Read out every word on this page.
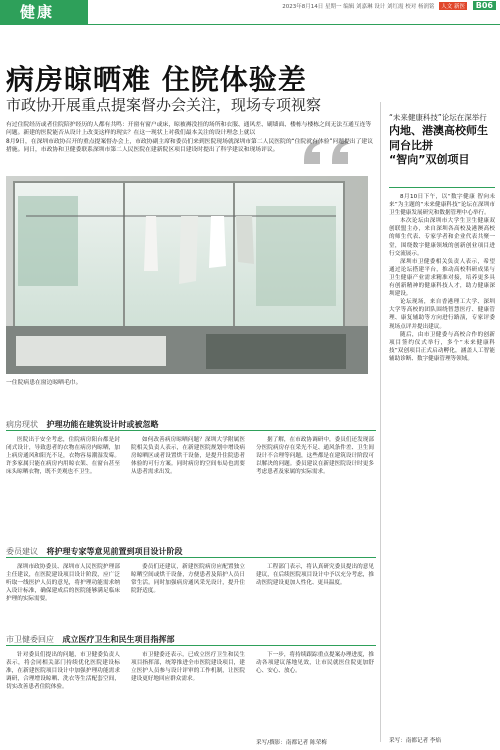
健康	2023年8月14日 星期一 编辑 刘嘉琳 设计 刘红霞 校对 杨润铭 人文 新医 B06
病房晾晒难 住院体验差
市政协开展重点提案督办会关注，现场专项视察

有过住院经历或者住院陪护经历的人都有共鸣：开窗有窗户或床，晾被褥没挂的场所和衣服、通风差、刷墙面、楼栋与楼栋之间无法互通互连等问题。新建的医院能否从设计上改变这样的现实？在这一现状上对我们最本关注的设计理念上就以

8月9日，在深圳市政协召开的重点提案督办会上，市政协副主席和委员们来到医院现场就深圳市第二人民医院的“住院就有体验”问题提出了建议措施。同日，市政协和卫健委联系深圳市第二人民医院在建新院区项目建设时提出了科学建议和现场评议。

一住院病患在窗边晾晒毛巾。
病房现状 护理功能在建筑设计时或被忽略

医院出于安全考虑，住院病房阳台都是封闭式设计，导致患者的衣物在病房内晾晒，加上病房通风和阳光不足，衣物容易潮湿发霉。许多家属只能在病房内用晾衣架、在窗台甚至床头晾晒衣物，既不美观也不卫生。

如何改善病房晾晒问题？深圳大学附属医院相关负责人表示，在新建医院规划中增设病房晾晒区或者设置烘干设备，是提升住院患者体验的可行方案。同时病房的空间布局也需要从患者需求出发。

据了解，在市政协调研中，委员们还发现部分医院病房存在采光不足、通风条件差、卫生间设计不合理等问题，这些都是在建筑设计阶段可以解决的问题。委员建议在新建医院设计时更多考虑患者及家属的实际需求。

委员建议 将护理专家等意见前置到项目设计阶段

深圳市政协委员、深圳市人民医院护理部主任建议，在医院建设项目设计阶段，应广泛听取一线医护人员的意见，将护理功能需求纳入设计标准，确保建成后的医院能够满足临床护理的实际需要。

委员们还建议，新建医院病房应配置独立晾晒空间或烘干设备，方便患者及陪护人员日常生活。同时加强病房通风采光设计，提升住院舒适度。

工程部门表示，将认真研究委员提出的意见建议，在后续医院项目设计中予以充分考虑，推动医院建设更加人性化、更具温度。

市卫健委回应 成立医疗卫生和民生项目指挥部

针对委员们提出的问题，市卫健委负责人表示，将会同相关部门持续优化医院建设标准，在新建医院项目设计中加强护理功能需求调研，合理增设晾晒、洗衣等生活配套空间，切实改善患者住院体验。

市卫健委还表示，已成立医疗卫生和民生项目指挥部，统筹推进全市医院建设项目，建立医护人员参与设计评审的工作机制，让医院建设更好地回应群众需求。

下一步，将持续跟踪重点提案办理进度，推动各项建议落地见效，让市民就医住院更加舒心、安心、放心。

采写/撰影：南都记者 陈荣梅
“未来健康科技”论坛在深举行
内地、港澳高校师生
同台比拼
“智向”双创项目

8月10日下午，以“数字健康 智向未来”为主题的“未来健康科技”论坛在深圳市卫生健康发展研究和数据管理中心举行。

本次论坛由深圳市大学生卫生健康双创联盟主办，来自深圳各高校及港澳高校的师生代表、专家学者和企业代表共聚一堂，围绕数字健康领域的创新创业项目进行交流展示。

深圳市卫健委相关负责人表示，希望通过论坛搭建平台，推动高校科研成果与卫生健康产业需求精准对接，培养更多具有创新精神的健康科技人才，助力健康深圳建设。

论坛现场，来自香港理工大学、深圳大学等高校的团队围绕智慧医疗、健康管理、康复辅助等方向进行路演，专家评委现场点评并提出建议。

随后，由市卫健委与高校合作的创新项目签约仪式举行，多个“未来健康科技”双创项目正式启动孵化，涵盖人工智能辅助诊断、数字健康管理等领域。

采写：南都记者 李焰
